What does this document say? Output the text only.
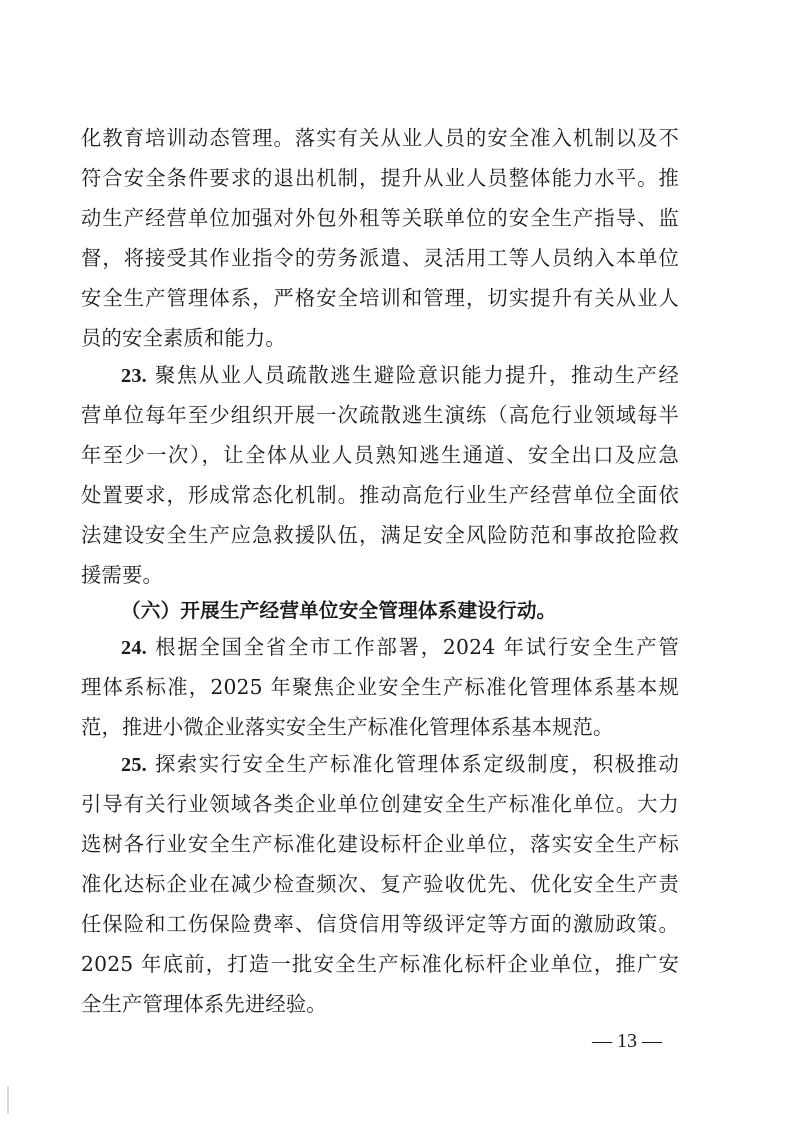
化教育培训动态管理。落实有关从业人员的安全准入机制以及不
符合安全条件要求的退出机制，提升从业人员整体能力水平。推
动生产经营单位加强对外包外租等关联单位的安全生产指导、监
督，将接受其作业指令的劳务派遣、灵活用工等人员纳入本单位
安全生产管理体系，严格安全培训和管理，切实提升有关从业人
员的安全素质和能力。
23. 聚焦从业人员疏散逃生避险意识能力提升，推动生产经
营单位每年至少组织开展一次疏散逃生演练（高危行业领域每半
年至少一次），让全体从业人员熟知逃生通道、安全出口及应急
处置要求，形成常态化机制。推动高危行业生产经营单位全面依
法建设安全生产应急救援队伍，满足安全风险防范和事故抢险救
援需要。
（六）开展生产经营单位安全管理体系建设行动。
24. 根据全国全省全市工作部署，2024 年试行安全生产管
理体系标准，2025 年聚焦企业安全生产标准化管理体系基本规
范，推进小微企业落实安全生产标准化管理体系基本规范。
25. 探索实行安全生产标准化管理体系定级制度，积极推动
引导有关行业领域各类企业单位创建安全生产标准化单位。大力
选树各行业安全生产标准化建设标杆企业单位，落实安全生产标
准化达标企业在减少检查频次、复产验收优先、优化安全生产责
任保险和工伤保险费率、信贷信用等级评定等方面的激励政策。
2025 年底前，打造一批安全生产标准化标杆企业单位，推广安
全生产管理体系先进经验。
— 13 —
